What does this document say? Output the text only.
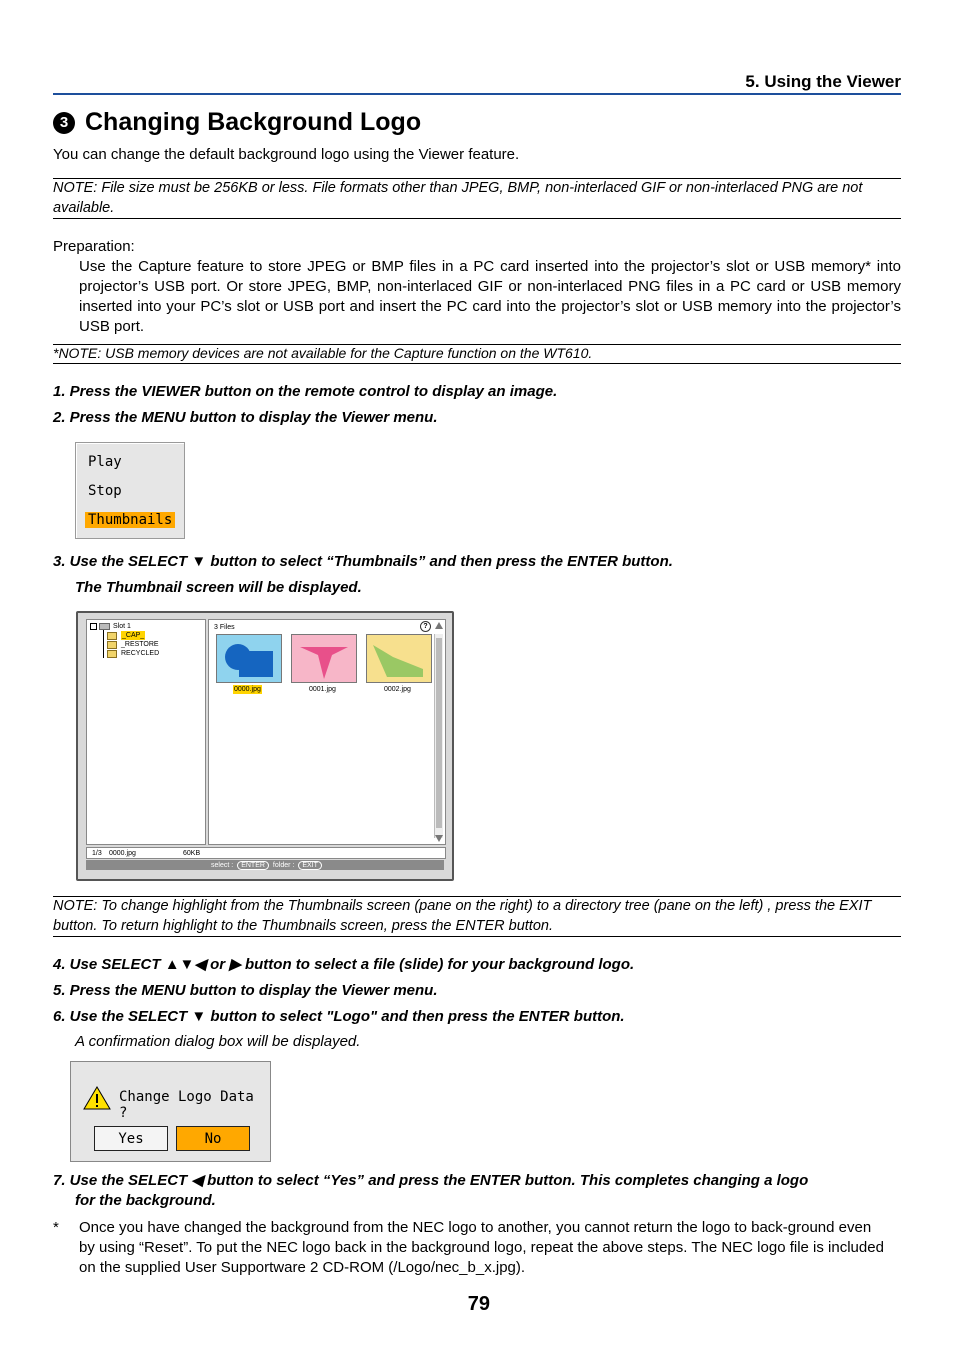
5. Using the Viewer
3 Changing Background Logo
You can change the default background logo using the Viewer feature.
NOTE: File size must be 256KB or less. File formats other than JPEG, BMP, non-interlaced GIF or non-interlaced PNG are not available.
Preparation:
Use the Capture feature to store JPEG or BMP files in a PC card inserted into the projector’s slot or USB memory* into projector’s USB port. Or store JPEG, BMP, non-interlaced GIF or non-interlaced PNG files in a PC card or USB memory inserted into your PC’s slot or USB port and insert the PC card into the projector’s slot or USB memory into the projector’s USB port.
*NOTE: USB memory devices are not available for the Capture function on the WT610.
1. Press the VIEWER button on the remote control to display an image.
2. Press the MENU button to display the Viewer menu.
Play
Stop
Thumbnails
3. Use the SELECT ▼ button to select “Thumbnails” and then press the ENTER button.
The Thumbnail screen will be displayed.
Slot 1
_CAP_
_RESTORE
RECYCLED
3 Files	?
0000.jpg	0001.jpg	0002.jpg
1/3 0000.jpg	60KB
select :	ENTER	folder :	EXIT
NOTE: To change highlight from the Thumbnails screen (pane on the right) to a directory tree (pane on the left) , press the EXIT button. To return highlight to the Thumbnails screen, press the ENTER button.
4. Use SELECT ▲▼◀ or ▶ button to select a file (slide) for your background logo.
5. Press the MENU button to display the Viewer menu.
6. Use the SELECT ▼ button to select "Logo" and then press the ENTER button.
A confirmation dialog box will be displayed.
Change Logo Data ?
Yes	No
7. Use the SELECT ◀ button to select “Yes” and press the ENTER button. This completes changing a logo
for the background.
* Once you have changed the background from the NEC logo to another, you cannot return the logo to back-ground even by using “Reset”. To put the NEC logo back in the background logo, repeat the above steps. The NEC logo file is included on the supplied User Supportware 2 CD-ROM (/Logo/nec_b_x.jpg).
79
